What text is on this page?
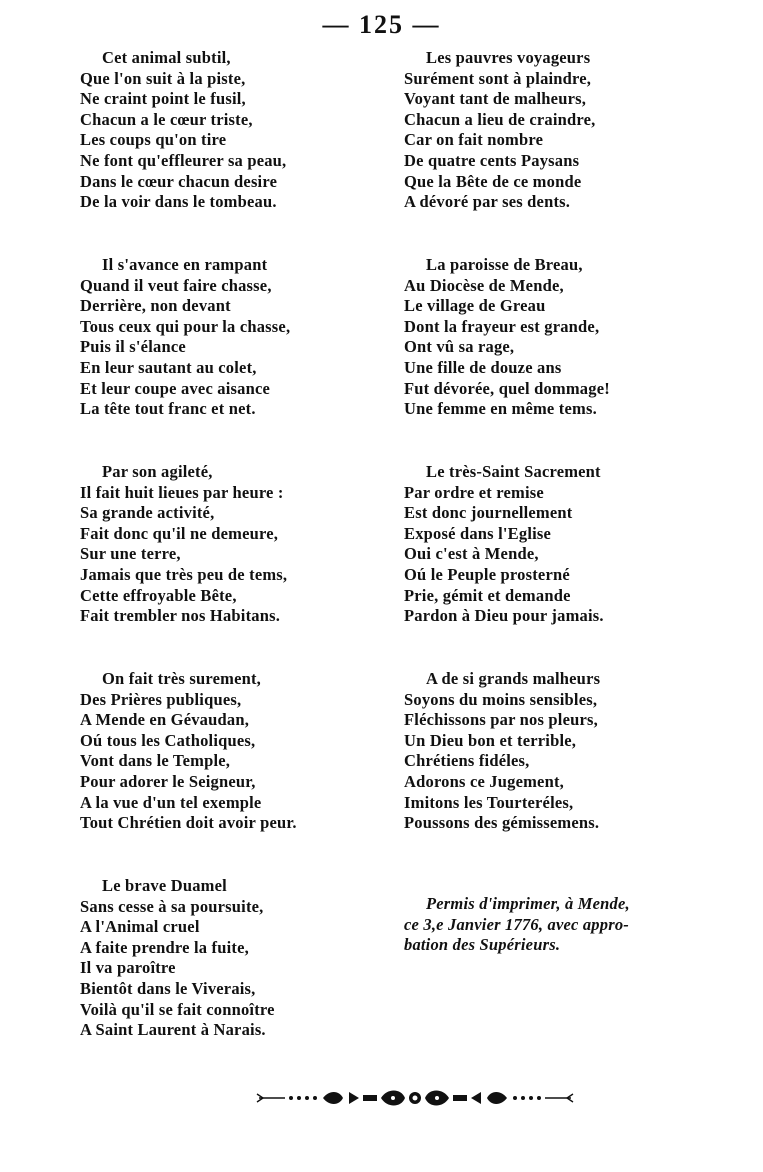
— 125 —
Cet animal subtil,
Que l'on suit à la piste,
Ne craint point le fusil,
Chacun a le cœur triste,
Les coups qu'on tire
Ne font qu'effleurer sa peau,
Dans le cœur chacun desire
De la voir dans le tombeau.
Il s'avance en rampant
Quand il veut faire chasse,
Derrière, non devant
Tous ceux qui pour la chasse,
Puis il s'élance
En leur sautant au colet,
Et leur coupe avec aisance
La tête tout franc et net.
Par son agileté,
Il fait huit lieues par heure :
Sa grande activité,
Fait donc qu'il ne demeure,
Sur une terre,
Jamais que très peu de tems,
Cette effroyable Bête,
Fait trembler nos Habitans.
On fait très surement,
Des Prières publiques,
A Mende en Gévaudan,
Oú tous les Catholiques,
Vont dans le Temple,
Pour adorer le Seigneur,
A la vue d'un tel exemple
Tout Chrétien doit avoir peur.
Le brave Duamel
Sans cesse à sa poursuite,
A l'Animal cruel
A faite prendre la fuite,
Il va paroître
Bientôt dans le Viverais,
Voilà qu'il se fait connoître
A Saint Laurent à Narais.
Les pauvres voyageurs
Surément sont à plaindre,
Voyant tant de malheurs,
Chacun a lieu de craindre,
Car on fait nombre
De quatre cents Paysans
Que la Bête de ce monde
A dévoré par ses dents.
La paroisse de Breau,
Au Diocèse de Mende,
Le village de Greau
Dont la frayeur est grande,
Ont vû sa rage,
Une fille de douze ans
Fut dévorée, quel dommage!
Une femme en même tems.
Le très-Saint Sacrement
Par ordre et remise
Est donc journellement
Exposé dans l'Eglise
Oui c'est à Mende,
Oú le Peuple prosterné
Prie, gémit et demande
Pardon à Dieu pour jamais.
A de si grands malheurs
Soyons du moins sensibles,
Fléchissons par nos pleurs,
Un Dieu bon et terrible,
Chrétiens fidéles,
Adorons ce Jugement,
Imitons les Tourteréles,
Poussons des gémissemens.
Permis d'imprimer, à Mende,
ce 3,e Janvier 1776, avec appro-
bation des Supérieurs.
